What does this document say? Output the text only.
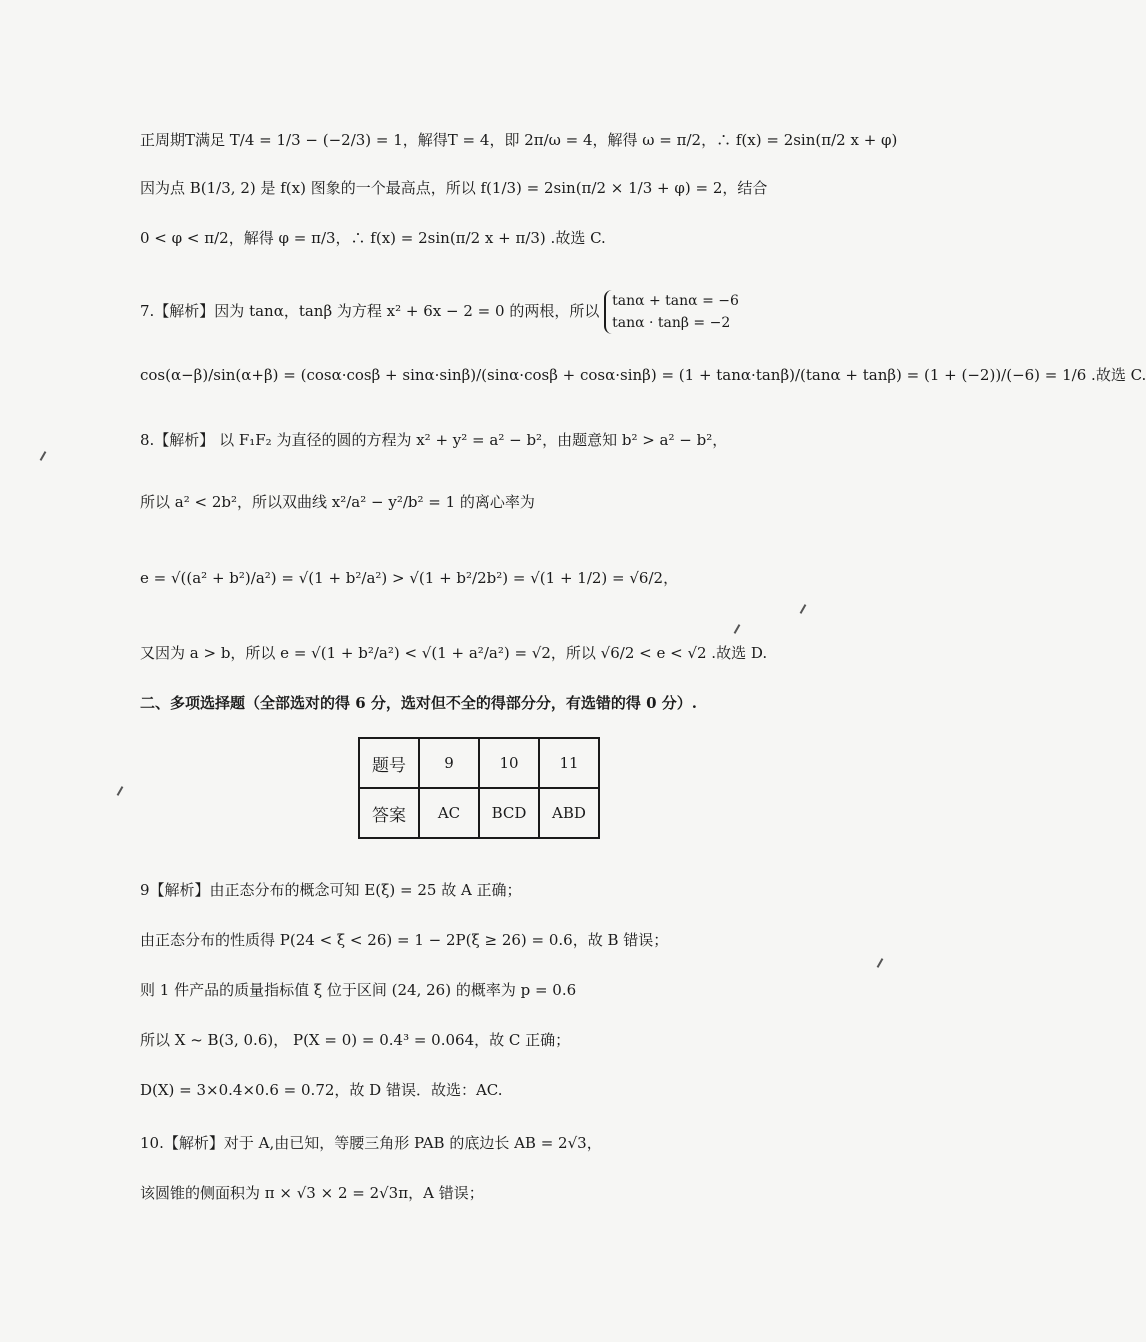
正周期T满足 T/4 = 1/3 − (−2/3) = 1，解得T = 4，即 2π/ω = 4，解得 ω = π/2，∴ f(x) = 2sin(π/2 x + φ)
因为点 B(1/3, 2) 是 f(x) 图象的一个最高点，所以 f(1/3) = 2sin(π/2 × 1/3 + φ) = 2，结合
0 < φ < π/2，解得 φ = π/3，∴ f(x) = 2sin(π/2 x + π/3) .故选 C.
7.【解析】因为 tanα，tanβ 为方程 x² + 6x − 2 = 0 的两根，所以
tanα + tanα = −6
tanα · tanβ = −2
cos(α−β)/sin(α+β) = (cosα·cosβ + sinα·sinβ)/(sinα·cosβ + cosα·sinβ) = (1 + tanα·tanβ)/(tanα + tanβ) = (1 + (−2))/(−6) = 1/6 .故选 C.
8.【解析】 以 F₁F₂ 为直径的圆的方程为 x² + y² = a² − b²，由题意知 b² > a² − b²，
所以 a² < 2b²，所以双曲线 x²/a² − y²/b² = 1 的离心率为
e = √((a² + b²)/a²) = √(1 + b²/a²) > √(1 + b²/2b²) = √(1 + 1/2) = √6/2，
又因为 a > b，所以 e = √(1 + b²/a²) < √(1 + a²/a²) = √2，所以 √6/2 < e < √2 .故选 D.
二、多项选择题（全部选对的得 6 分，选对但不全的得部分分，有选错的得 0 分）.
题号	9	10	11
答案	AC	BCD	ABD
9【解析】由正态分布的概念可知 E(ξ) = 25 故 A 正确；
由正态分布的性质得 P(24 < ξ < 26) = 1 − 2P(ξ ≥ 26) = 0.6，故 B 错误；
则 1 件产品的质量指标值 ξ 位于区间 (24, 26) 的概率为 p = 0.6
所以 X ~ B(3, 0.6)， P(X = 0) = 0.4³ = 0.064，故 C 正确；
D(X) = 3×0.4×0.6 = 0.72，故 D 错误．故选：AC.
10.【解析】对于 A,由已知，等腰三角形 PAB 的底边长 AB = 2√3，
该圆锥的侧面积为 π × √3 × 2 = 2√3π，A 错误；
